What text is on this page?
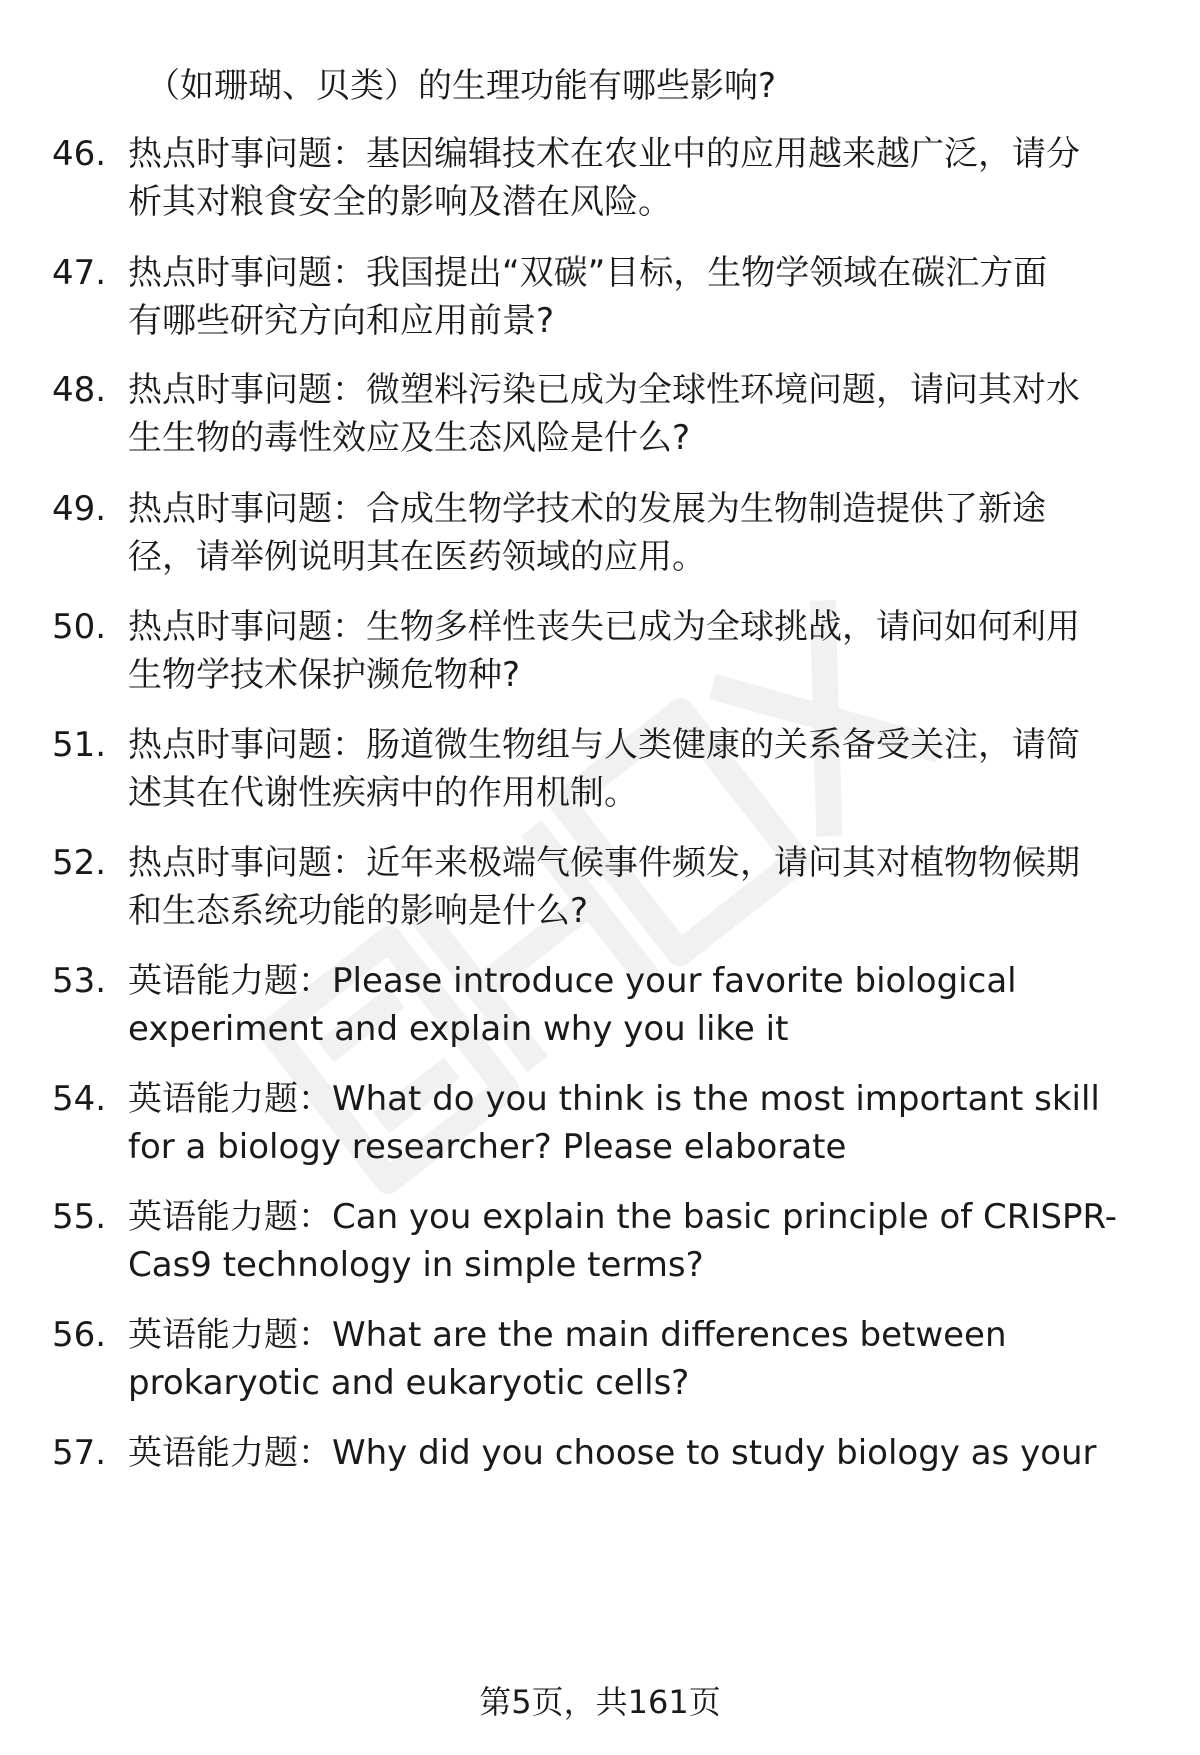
（如珊瑚、贝类）的生理功能有哪些影响?
46. 热点时事问题：基因编辑技术在农业中的应用越来越广泛，请分
析其对粮食安全的影响及潜在风险。
47. 热点时事问题：我国提出“双碳”目标，生物学领域在碳汇方面
有哪些研究方向和应用前景?
48. 热点时事问题：微塑料污染已成为全球性环境问题，请问其对水
生生物的毒性效应及生态风险是什么?
49. 热点时事问题：合成生物学技术的发展为生物制造提供了新途
径，请举例说明其在医药领域的应用。
50. 热点时事问题：生物多样性丧失已成为全球挑战，请问如何利用
生物学技术保护濒危物种?
51. 热点时事问题：肠道微生物组与人类健康的关系备受关注，请简
述其在代谢性疾病中的作用机制。
52. 热点时事问题：近年来极端气候事件频发，请问其对植物物候期
和生态系统功能的影响是什么?
53. 英语能力题：Please introduce your favorite biological
experiment and explain why you like it
54. 英语能力题：What do you think is the most important skill
for a biology researcher? Please elaborate
55. 英语能力题：Can you explain the basic principle of CRISPR-
Cas9 technology in simple terms?
56. 英语能力题：What are the main differences between
prokaryotic and eukaryotic cells?
57. 英语能力题：Why did you choose to study biology as your
第5页，共161页
